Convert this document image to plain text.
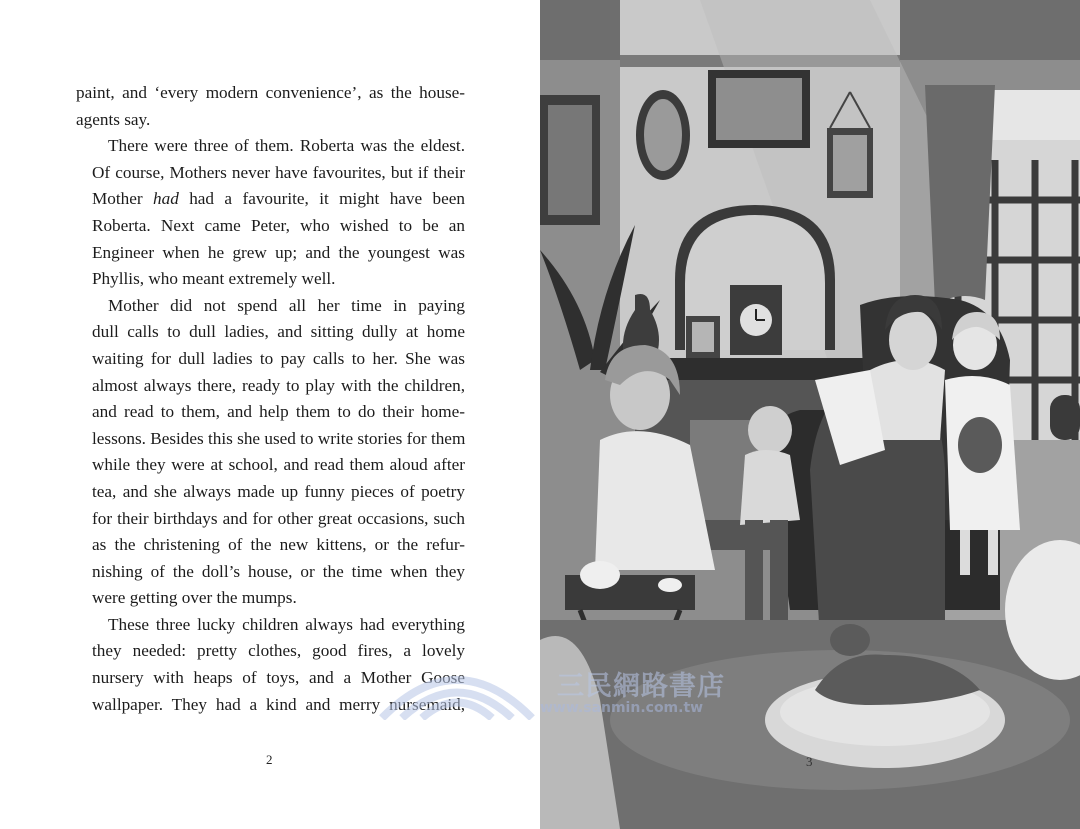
paint, and ‘every modern convenience’, as the house-
agents say.

There were three of them. Roberta was the eldest.
Of course, Mothers never have favourites, but if their
Mother had had a favourite, it might have been
Roberta. Next came Peter, who wished to be an
Engineer when he grew up; and the youngest was
Phyllis, who meant extremely well.

Mother did not spend all her time in paying
dull calls to dull ladies, and sitting dully at home
waiting for dull ladies to pay calls to her. She was
almost always there, ready to play with the children,
and read to them, and help them to do their home-
lessons. Besides this she used to write stories for them
while they were at school, and read them aloud after
tea, and she always made up funny pieces of poetry
for their birthdays and for other great occasions, such
as the christening of the new kittens, or the refur-
nishing of the doll’s house, or the time when they
were getting over the mumps.

These three lucky children always had everything
they needed: pretty clothes, good fires, a lovely
nursery with heaps of toys, and a Mother Goose
wallpaper. They had a kind and merry nursemaid,

2	3
三民網路書店
www.sanmin.com.tw
